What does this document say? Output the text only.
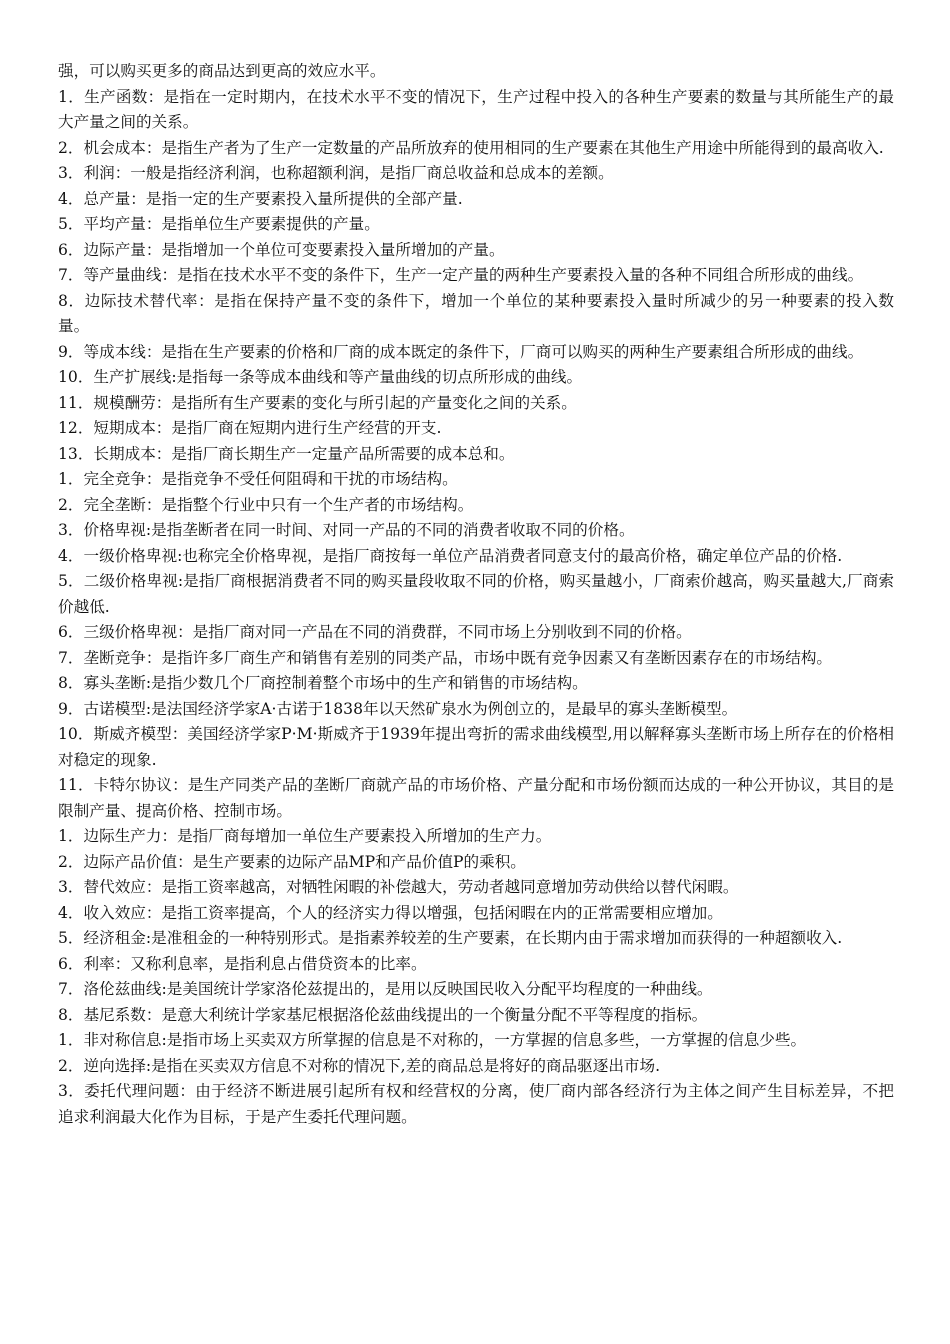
强，可以购买更多的商品达到更高的效应水平。

1．生产函数：是指在一定时期内，在技术水平不变的情况下，生产过程中投入的各种生产要素的数量与其所能生产的最大产量之间的关系。

2．机会成本：是指生产者为了生产一定数量的产品所放弃的使用相同的生产要素在其他生产用途中所能得到的最高收入.

3．利润：一般是指经济利润，也称超额利润，是指厂商总收益和总成本的差额。

4．总产量：是指一定的生产要素投入量所提供的全部产量.

5．平均产量：是指单位生产要素提供的产量。

6．边际产量：是指增加一个单位可变要素投入量所增加的产量。

7．等产量曲线：是指在技术水平不变的条件下，生产一定产量的两种生产要素投入量的各种不同组合所形成的曲线。

8．边际技术替代率：是指在保持产量不变的条件下，增加一个单位的某种要素投入量时所减少的另一种要素的投入数量。

9．等成本线：是指在生产要素的价格和厂商的成本既定的条件下，厂商可以购买的两种生产要素组合所形成的曲线。

10．生产扩展线:是指每一条等成本曲线和等产量曲线的切点所形成的曲线。

11．规模酬劳：是指所有生产要素的变化与所引起的产量变化之间的关系。

12．短期成本：是指厂商在短期内进行生产经营的开支.

13．长期成本：是指厂商长期生产一定量产品所需要的成本总和。

1．完全竞争：是指竞争不受任何阻碍和干扰的市场结构。

2．完全垄断：是指整个行业中只有一个生产者的市场结构。

3．价格卑视:是指垄断者在同一时间、对同一产品的不同的消费者收取不同的价格。

4．一级价格卑视:也称完全价格卑视，是指厂商按每一单位产品消费者同意支付的最高价格，确定单位产品的价格.

5．二级价格卑视:是指厂商根据消费者不同的购买量段收取不同的价格，购买量越小，厂商索价越高，购买量越大,厂商索价越低.

6．三级价格卑视：是指厂商对同一产品在不同的消费群，不同市场上分别收到不同的价格。

7．垄断竞争：是指许多厂商生产和销售有差别的同类产品，市场中既有竞争因素又有垄断因素存在的市场结构。

8．寡头垄断:是指少数几个厂商控制着整个市场中的生产和销售的市场结构。

9．古诺模型:是法国经济学家A·古诺于1838年以天然矿泉水为例创立的，是最早的寡头垄断模型。

10．斯威齐模型：美国经济学家P·M·斯威齐于1939年提出弯折的需求曲线模型,用以解释寡头垄断市场上所存在的价格相对稳定的现象.

11．卡特尔协议：是生产同类产品的垄断厂商就产品的市场价格、产量分配和市场份额而达成的一种公开协议，其目的是限制产量、提高价格、控制市场。

1．边际生产力：是指厂商每增加一单位生产要素投入所增加的生产力。

2．边际产品价值：是生产要素的边际产品MP和产品价值P的乘积。

3．替代效应：是指工资率越高，对牺牲闲暇的补偿越大，劳动者越同意增加劳动供给以替代闲暇。

4．收入效应：是指工资率提高，个人的经济实力得以增强，包括闲暇在内的正常需要相应增加。

5．经济租金:是准租金的一种特别形式。是指素养较差的生产要素，在长期内由于需求增加而获得的一种超额收入.

6．利率：又称利息率，是指利息占借贷资本的比率。

7．洛伦兹曲线:是美国统计学家洛伦兹提出的，是用以反映国民收入分配平均程度的一种曲线。

8．基尼系数：是意大利统计学家基尼根据洛伦兹曲线提出的一个衡量分配不平等程度的指标。

1．非对称信息:是指市场上买卖双方所掌握的信息是不对称的，一方掌握的信息多些，一方掌握的信息少些。

2．逆向选择:是指在买卖双方信息不对称的情况下,差的商品总是将好的商品驱逐出市场.

3．委托代理问题：由于经济不断进展引起所有权和经营权的分离，使厂商内部各经济行为主体之间产生目标差异，不把追求利润最大化作为目标，于是产生委托代理问题。
